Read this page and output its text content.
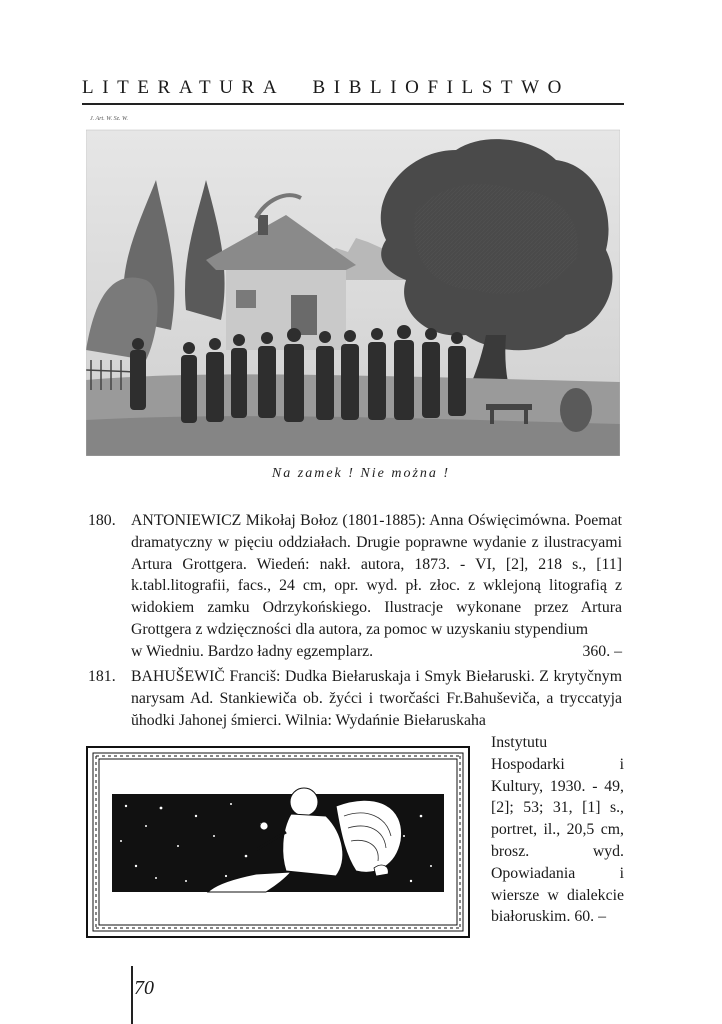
LITERATURA BIBLIOFILSTWO
J. Art. W. Sz. W.
Na zamek ! Nie można !
180. ANTONIEWICZ Mikołaj Bołoz (1801-1885): Anna Oświęcimówna. Poemat dramatyczny w pięciu oddziałach. Drugie poprawne wydanie z ilustracyami Artura Grottgera. Wiedeń: nakł. autora, 1873. - VI, [2], 218 s., [11] k.tabl.litografii, facs., 24 cm, opr. wyd. pł. złoc. z wklejoną litografią z widokiem zamku Odrzykońskiego. Ilustracje wykonane przez Artura Grottgera z wdzięczności dla autora, za pomoc w uzyskaniu stypendium
w Wiedniu. Bardzo ładny egzemplarz.	360. –
181. BAHUŠEWIČ Franciš: Dudka Biełaruskaja i Smyk Biełaruski. Z krytyčnym narysam Ad. Stankiewiča ob. žyćci i tworčaści Fr.Bahuševiča, a tryccatyja ŭhodki Jahonej śmierci. Wilnia: Wydańnie Biełaruskaha
Instytutu Hospodarki i Kultury, 1930. - 49, [2]; 53; 31, [1] s., portret, il., 20,5 cm, brosz. wyd. Opowiadania i wiersze w dialekcie białoruskim. 60. –
70
